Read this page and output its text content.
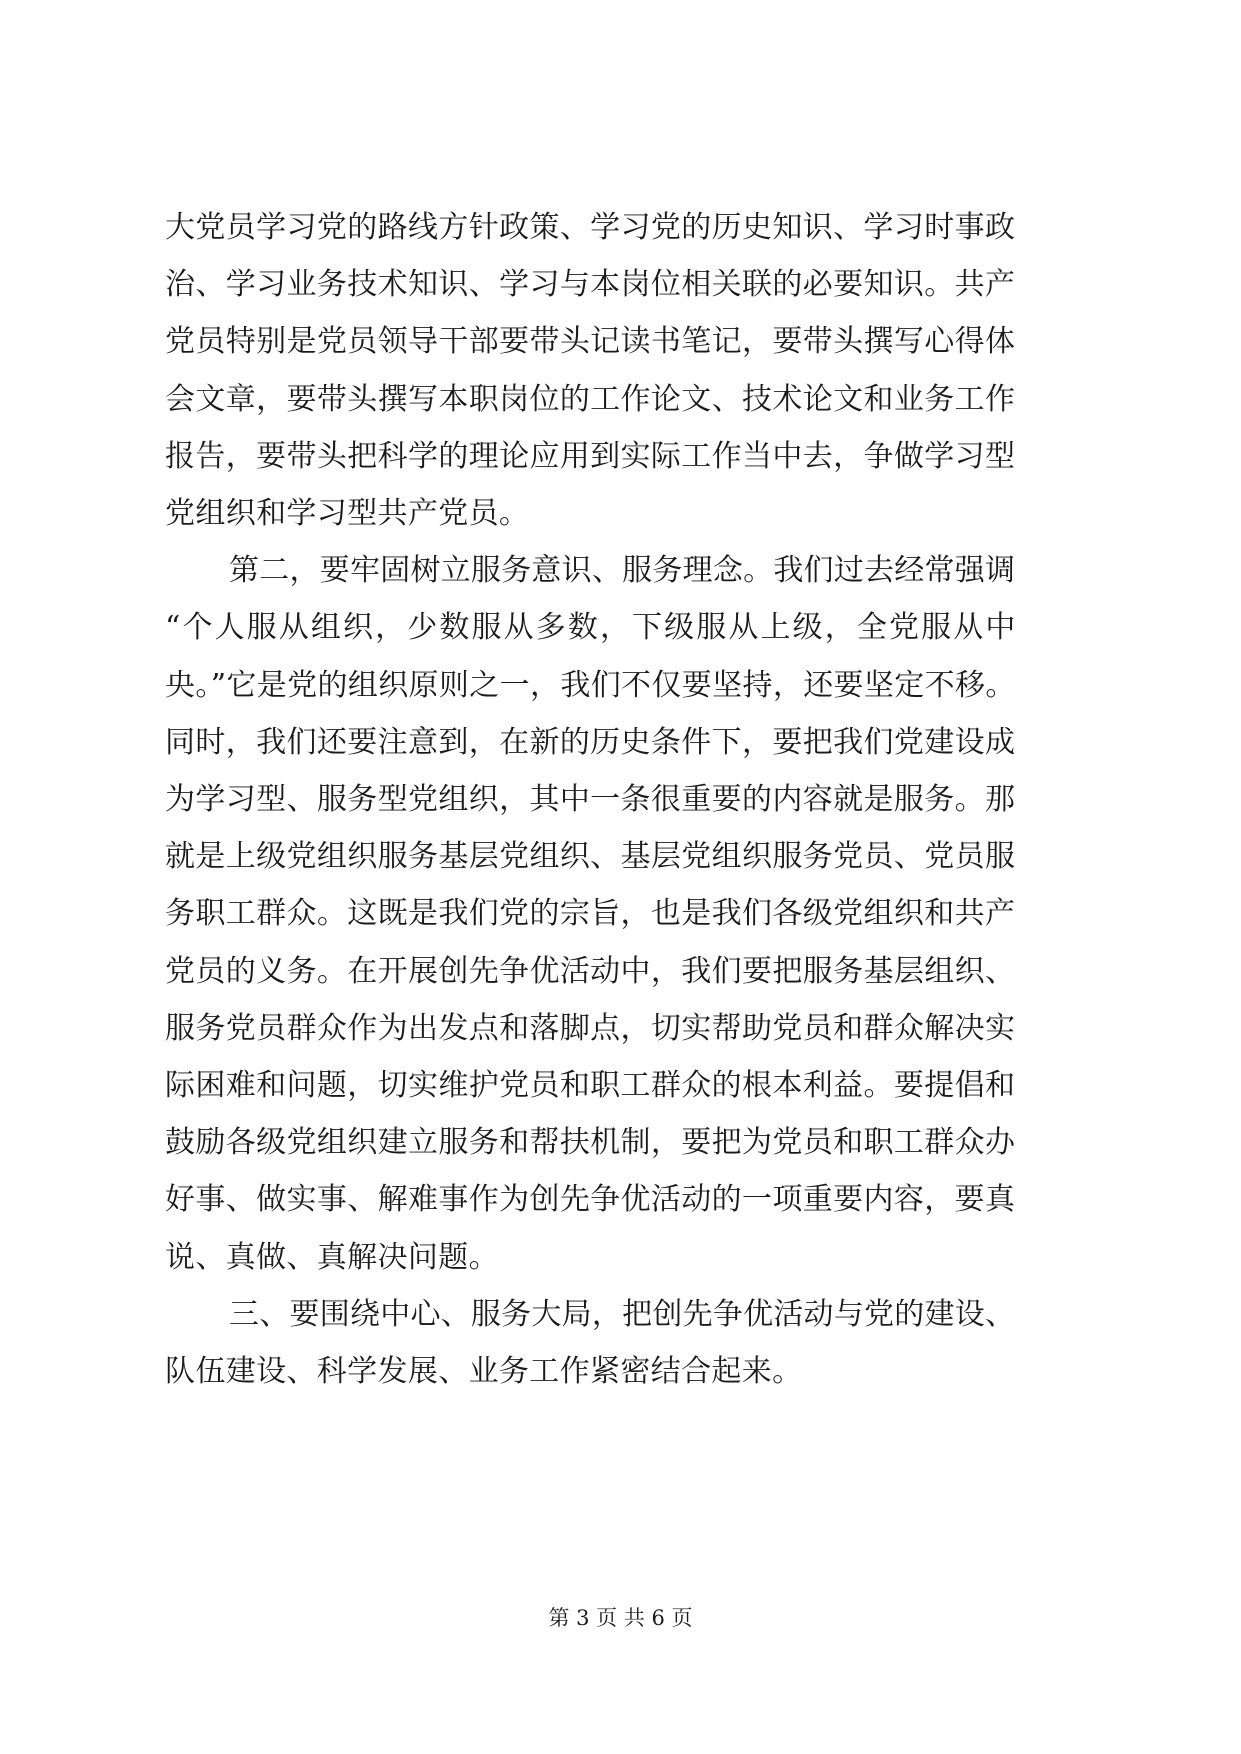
大党员学习党的路线方针政策、学习党的历史知识、学习时事政

治、学习业务技术知识、学习与本岗位相关联的必要知识。共产

党员特别是党员领导干部要带头记读书笔记，要带头撰写心得体

会文章，要带头撰写本职岗位的工作论文、技术论文和业务工作

报告，要带头把科学的理论应用到实际工作当中去，争做学习型

党组织和学习型共产党员。

第二，要牢固树立服务意识、服务理念。我们过去经常强调

“个人服从组织，少数服从多数，下级服从上级，全党服从中

央。”它是党的组织原则之一，我们不仅要坚持，还要坚定不移。

同时，我们还要注意到，在新的历史条件下，要把我们党建设成

为学习型、服务型党组织，其中一条很重要的内容就是服务。那

就是上级党组织服务基层党组织、基层党组织服务党员、党员服

务职工群众。这既是我们党的宗旨，也是我们各级党组织和共产

党员的义务。在开展创先争优活动中，我们要把服务基层组织、

服务党员群众作为出发点和落脚点，切实帮助党员和群众解决实

际困难和问题，切实维护党员和职工群众的根本利益。要提倡和

鼓励各级党组织建立服务和帮扶机制，要把为党员和职工群众办

好事、做实事、解难事作为创先争优活动的一项重要内容，要真

说、真做、真解决问题。

三、要围绕中心、服务大局，把创先争优活动与党的建设、

队伍建设、科学发展、业务工作紧密结合起来。

第 3 页 共 6 页
